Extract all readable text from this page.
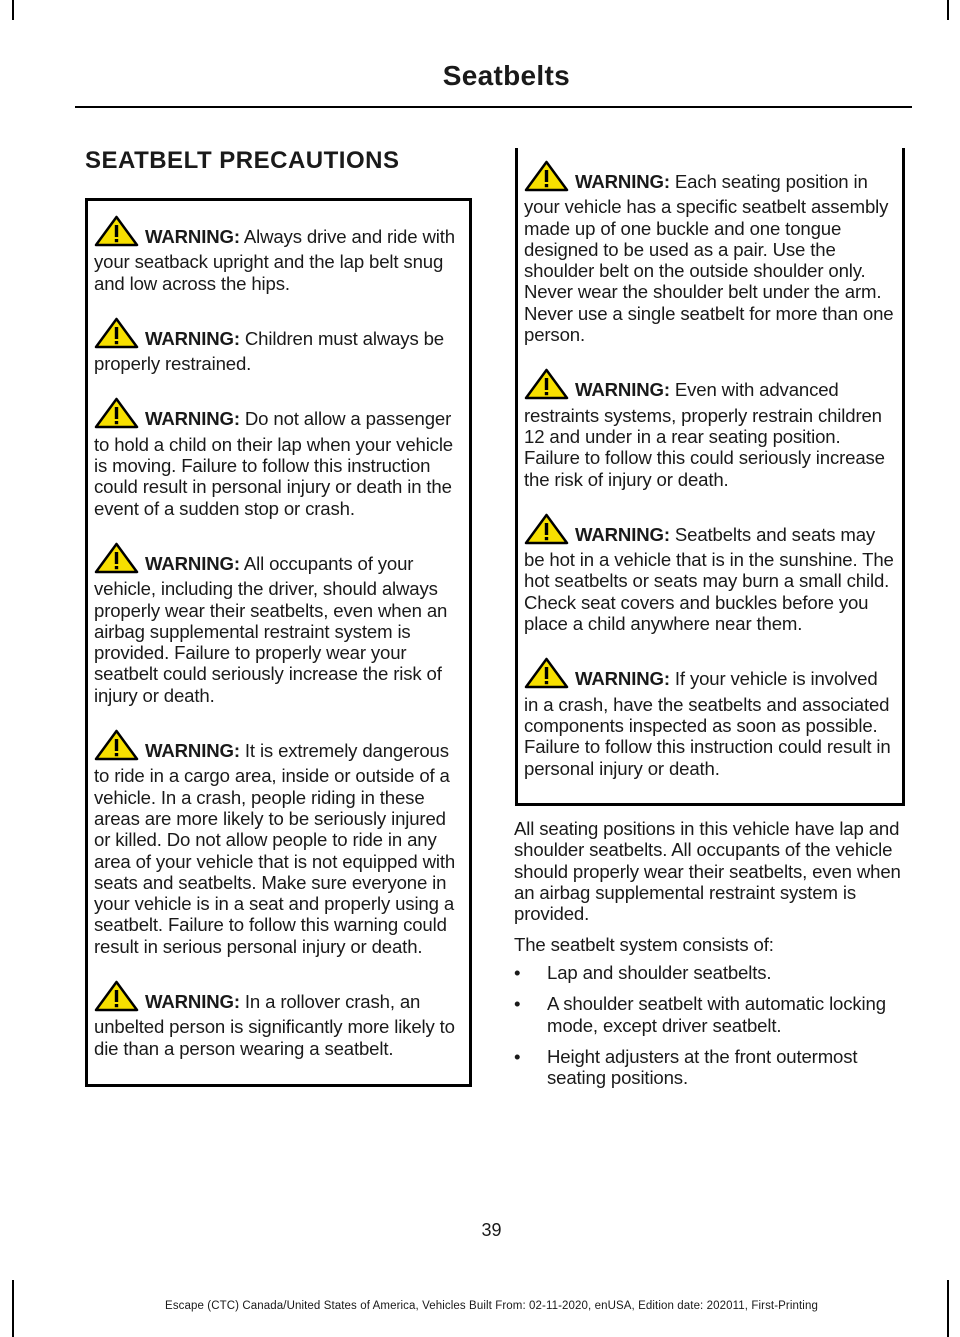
Seatbelts
SEATBELT PRECAUTIONS
WARNING: Always drive and ride with your seatback upright and the lap belt snug and low across the hips.
WARNING: Children must always be properly restrained.
WARNING: Do not allow a passenger to hold a child on their lap when your vehicle is moving. Failure to follow this instruction could result in personal injury or death in the event of a sudden stop or crash.
WARNING: All occupants of your vehicle, including the driver, should always properly wear their seatbelts, even when an airbag supplemental restraint system is provided. Failure to properly wear your seatbelt could seriously increase the risk of injury or death.
WARNING: It is extremely dangerous to ride in a cargo area, inside or outside of a vehicle. In a crash, people riding in these areas are more likely to be seriously injured or killed. Do not allow people to ride in any area of your vehicle that is not equipped with seats and seatbelts. Make sure everyone in your vehicle is in a seat and properly using a seatbelt. Failure to follow this warning could result in serious personal injury or death.
WARNING: In a rollover crash, an unbelted person is significantly more likely to die than a person wearing a seatbelt.
WARNING: Each seating position in your vehicle has a specific seatbelt assembly made up of one buckle and one tongue designed to be used as a pair. Use the shoulder belt on the outside shoulder only. Never wear the shoulder belt under the arm. Never use a single seatbelt for more than one person.
WARNING: Even with advanced restraints systems, properly restrain children 12 and under in a rear seating position. Failure to follow this could seriously increase the risk of injury or death.
WARNING: Seatbelts and seats may be hot in a vehicle that is in the sunshine. The hot seatbelts or seats may burn a small child. Check seat covers and buckles before you place a child anywhere near them.
WARNING: If your vehicle is involved in a crash, have the seatbelts and associated components inspected as soon as possible. Failure to follow this instruction could result in personal injury or death.
All seating positions in this vehicle have lap and shoulder seatbelts. All occupants of the vehicle should properly wear their seatbelts, even when an airbag supplemental restraint system is provided.
The seatbelt system consists of:
• Lap and shoulder seatbelts.
• A shoulder seatbelt with automatic locking mode, except driver seatbelt.
• Height adjusters at the front outermost seating positions.
39
Escape (CTC) Canada/United States of America, Vehicles Built From: 02-11-2020, enUSA, Edition date: 202011, First-Printing
